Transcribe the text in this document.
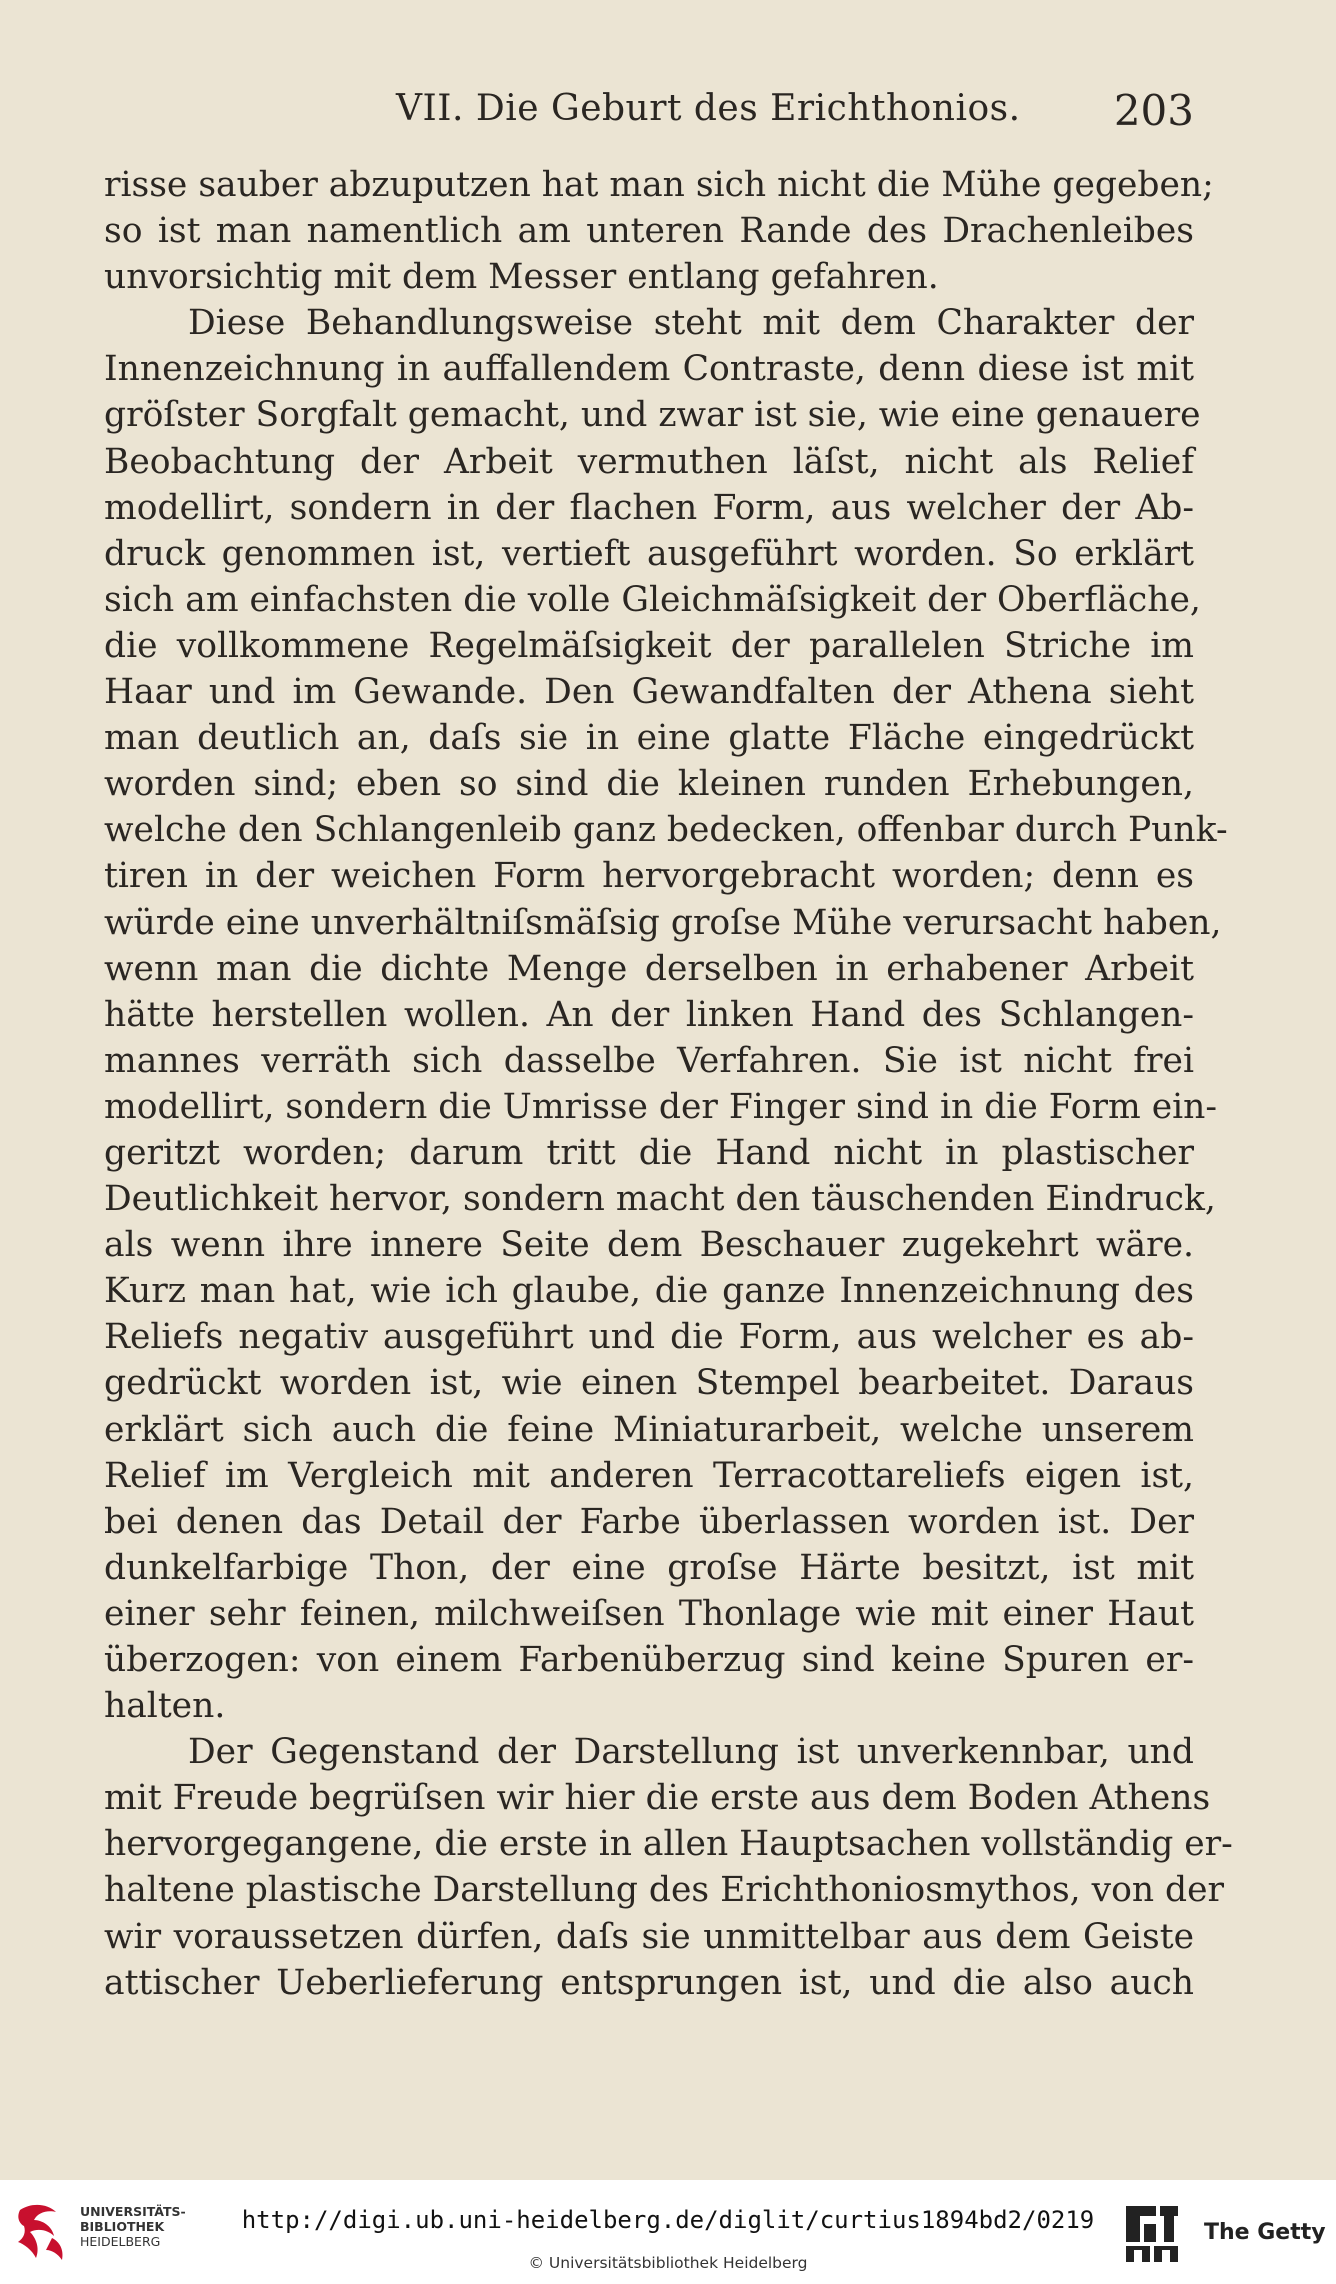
VII. Die Geburt des Erichthonios. 203
risse sauber abzuputzen hat man sich nicht die Mühe gegeben;
so ist man namentlich am unteren Rande des Drachenleibes
unvorsichtig mit dem Messer entlang gefahren.
Diese Behandlungsweise steht mit dem Charakter der
Innenzeichnung in auffallendem Contraste, denn diese ist mit
gröſster Sorgfalt gemacht, und zwar ist sie, wie eine genauere
Beobachtung der Arbeit vermuthen läſst, nicht als Relief
modellirt, sondern in der flachen Form, aus welcher der Ab-
druck genommen ist, vertieft ausgeführt worden. So erklärt
sich am einfachsten die volle Gleichmäſsigkeit der Oberfläche,
die vollkommene Regelmäſsigkeit der parallelen Striche im
Haar und im Gewande. Den Gewandfalten der Athena sieht
man deutlich an, daſs sie in eine glatte Fläche eingedrückt
worden sind; eben so sind die kleinen runden Erhebungen,
welche den Schlangenleib ganz bedecken, offenbar durch Punk-
tiren in der weichen Form hervorgebracht worden; denn es
würde eine unverhältniſsmäſsig groſse Mühe verursacht haben,
wenn man die dichte Menge derselben in erhabener Arbeit
hätte herstellen wollen. An der linken Hand des Schlangen-
mannes verräth sich dasselbe Verfahren. Sie ist nicht frei
modellirt, sondern die Umrisse der Finger sind in die Form ein-
geritzt worden; darum tritt die Hand nicht in plastischer
Deutlichkeit hervor, sondern macht den täuschenden Eindruck,
als wenn ihre innere Seite dem Beschauer zugekehrt wäre.
Kurz man hat, wie ich glaube, die ganze Innenzeichnung des
Reliefs negativ ausgeführt und die Form, aus welcher es ab-
gedrückt worden ist, wie einen Stempel bearbeitet. Daraus
erklärt sich auch die feine Miniaturarbeit, welche unserem
Relief im Vergleich mit anderen Terracottareliefs eigen ist,
bei denen das Detail der Farbe überlassen worden ist. Der
dunkelfarbige Thon, der eine groſse Härte besitzt, ist mit
einer sehr feinen, milchweiſsen Thonlage wie mit einer Haut
überzogen: von einem Farbenüberzug sind keine Spuren er-
halten.
Der Gegenstand der Darstellung ist unverkennbar, und
mit Freude begrüſsen wir hier die erste aus dem Boden Athens
hervorgegangene, die erste in allen Hauptsachen vollständig er-
haltene plastische Darstellung des Erichthoniosmythos, von der
wir voraussetzen dürfen, daſs sie unmittelbar aus dem Geiste
attischer Ueberlieferung entsprungen ist, und die also auch
UNIVERSITÄTS-
BIBLIOTHEK
HEIDELBERG
http://digi.ub.uni-heidelberg.de/diglit/curtius1894bd2/0219
© Universitätsbibliothek Heidelberg
The Getty
